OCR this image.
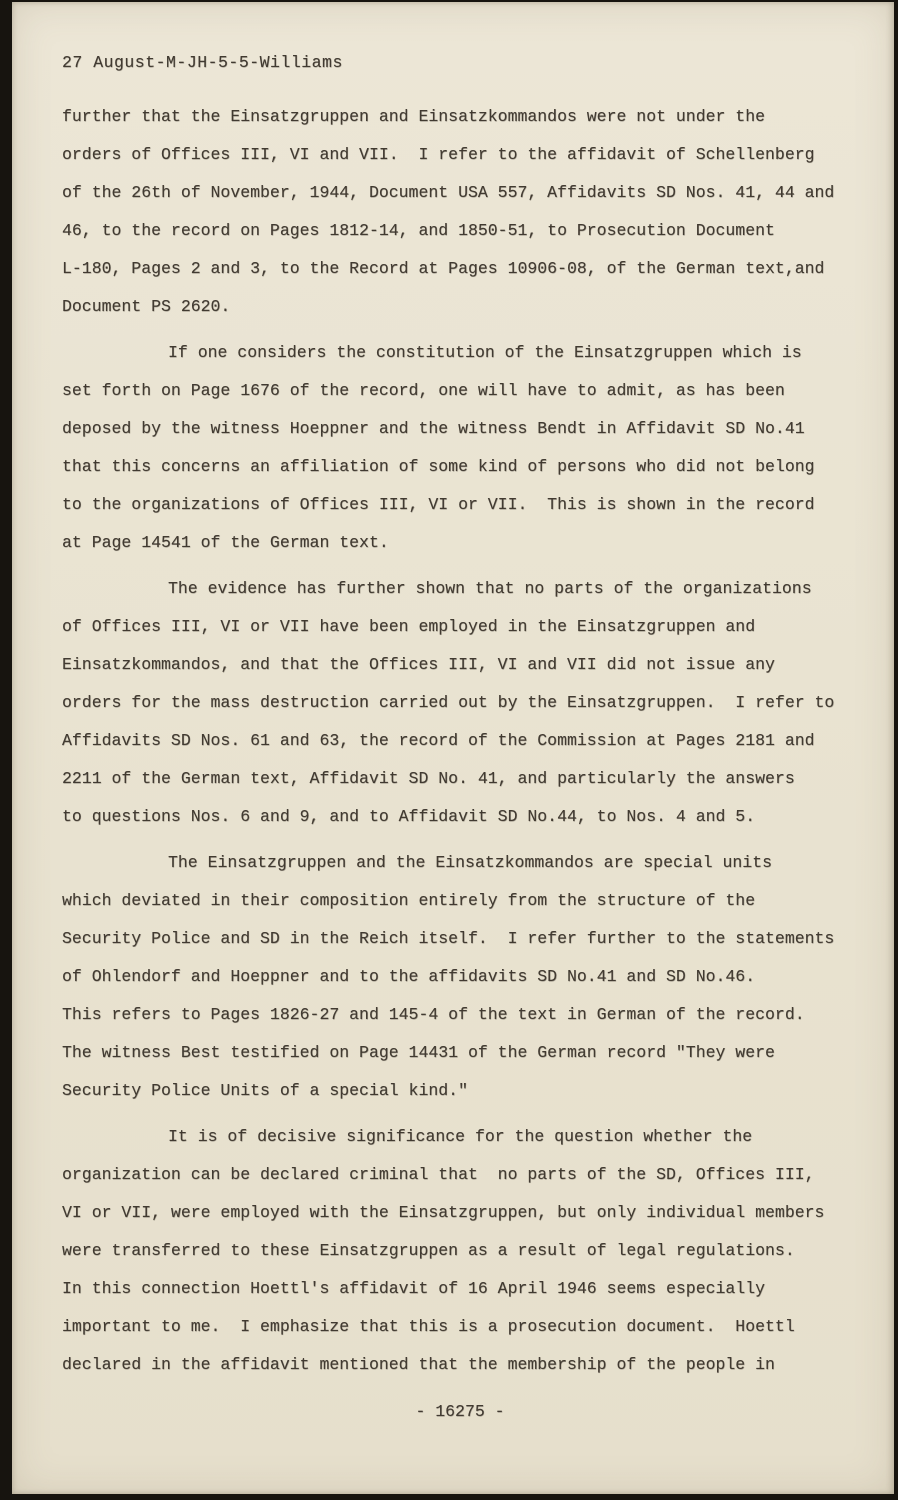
27 August-M-JH-5-5-Williams
further that the Einsatzgruppen and Einsatzkommandos were not under the
orders of Offices III, VI and VII.  I refer to the affidavit of Schellenberg
of the 26th of November, 1944, Document USA 557, Affidavits SD Nos. 41, 44 and
46, to the record on Pages 1812-14, and 1850-51, to Prosecution Document
L-180, Pages 2 and 3, to the Record at Pages 10906-08, of the German text,and
Document PS 2620.
If one considers the constitution of the Einsatzgruppen which is
set forth on Page 1676 of the record, one will have to admit, as has been
deposed by the witness Hoeppner and the witness Bendt in Affidavit SD No.41
that this concerns an affiliation of some kind of persons who did not belong
to the organizations of Offices III, VI or VII.  This is shown in the record
at Page 14541 of the German text.
The evidence has further shown that no parts of the organizations
of Offices III, VI or VII have been employed in the Einsatzgruppen and
Einsatzkommandos, and that the Offices III, VI and VII did not issue any
orders for the mass destruction carried out by the Einsatzgruppen.  I refer to
Affidavits SD Nos. 61 and 63, the record of the Commission at Pages 2181 and
2211 of the German text, Affidavit SD No. 41, and particularly the answers
to questions Nos. 6 and 9, and to Affidavit SD No.44, to Nos. 4 and 5.
The Einsatzgruppen and the Einsatzkommandos are special units
which deviated in their composition entirely from the structure of the
Security Police and SD in the Reich itself.  I refer further to the statements
of Ohlendorf and Hoeppner and to the affidavits SD No.41 and SD No.46.
This refers to Pages 1826-27 and 145-4 of the text in German of the record.
The witness Best testified on Page 14431 of the German record "They were
Security Police Units of a special kind."
It is of decisive significance for the question whether the
organization can be declared criminal that  no parts of the SD, Offices III,
VI or VII, were employed with the Einsatzgruppen, but only individual members
were transferred to these Einsatzgruppen as a result of legal regulations.
In this connection Hoettl's affidavit of 16 April 1946 seems especially
important to me.  I emphasize that this is a prosecution document.  Hoettl
declared in the affidavit mentioned that the membership of the people in
- 16275 -
